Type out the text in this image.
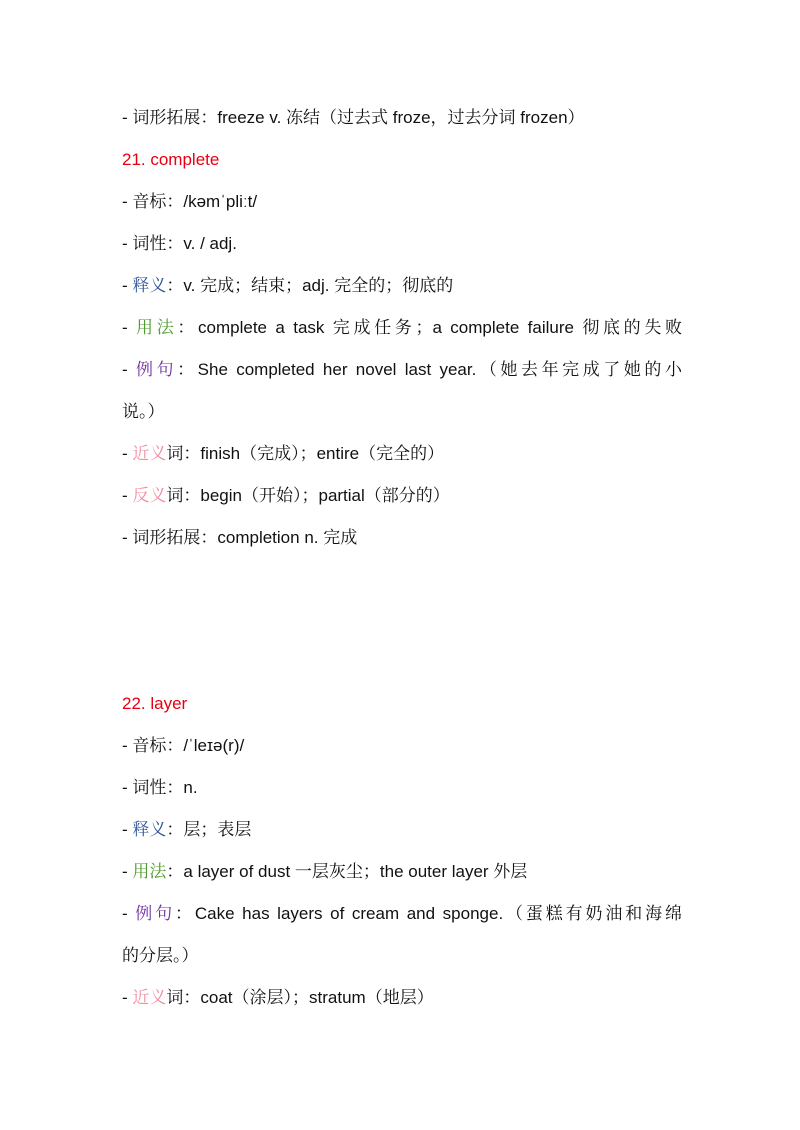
- 词形拓展：freeze v. 冻结（过去式 froze，过去分词 frozen）
21. complete
- 音标：/kəmˈpliːt/
- 词性：v. / adj.
- 释义：v. 完成；结束；adj. 完全的；彻底的
- 用法：complete a task 完成任务；a complete failure 彻底的失败
- 例句：She completed her novel last year.（她去年完成了她的小
说。）
- 近义词：finish（完成）；entire（完全的）
- 反义词：begin（开始）；partial（部分的）
- 词形拓展：completion n. 完成
22. layer
- 音标：/ˈleɪə(r)/
- 词性：n.
- 释义：层；表层
- 用法：a layer of dust 一层灰尘；the outer layer 外层
- 例句：Cake has layers of cream and sponge.（蛋糕有奶油和海绵
的分层。）
- 近义词：coat（涂层）；stratum（地层）
